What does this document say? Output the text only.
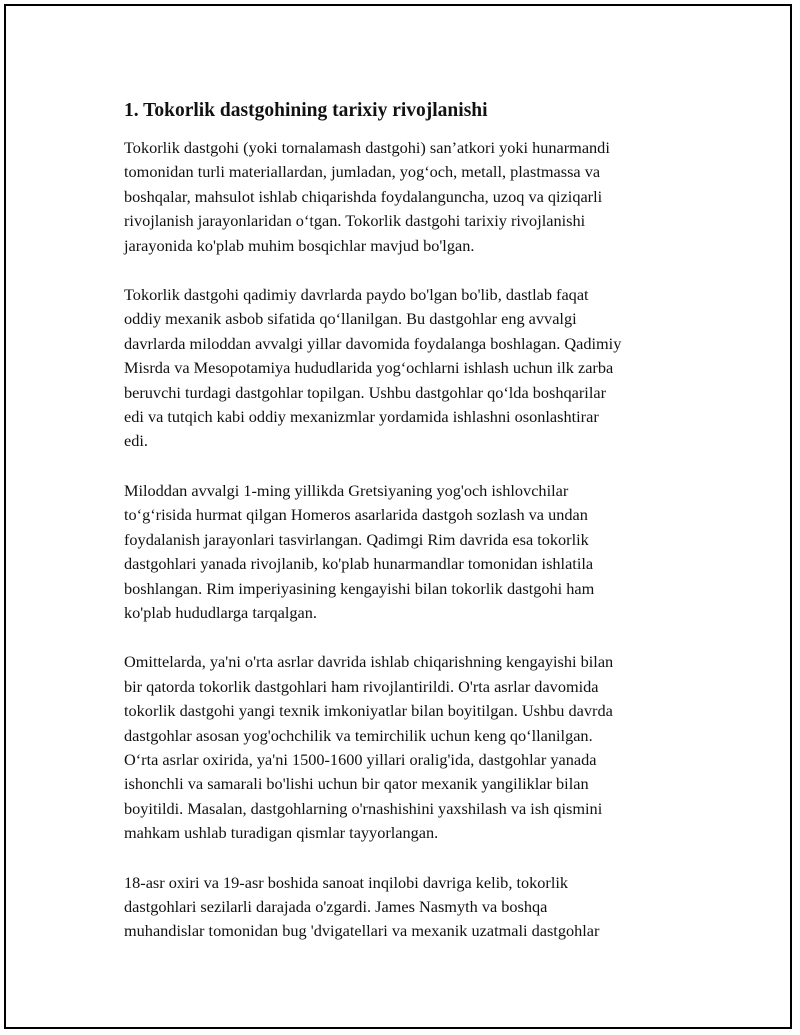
1. Tokorlik dastgohining tarixiy rivojlanishi
Tokorlik dastgohi (yoki tornalamash dastgohi) san’atkori yoki hunarmandi
tomonidan turli materiallardan, jumladan, yog‘och, metall, plastmassa va
boshqalar, mahsulot ishlab chiqarishda foydalanguncha, uzoq va qiziqarli
rivojlanish jarayonlaridan o‘tgan. Tokorlik dastgohi tarixiy rivojlanishi
jarayonida ko'plab muhim bosqichlar mavjud bo'lgan.
Tokorlik dastgohi qadimiy davrlarda paydo bo'lgan bo'lib, dastlab faqat
oddiy mexanik asbob sifatida qo‘llanilgan. Bu dastgohlar eng avvalgi
davrlarda miloddan avvalgi yillar davomida foydalanga boshlagan. Qadimiy
Misrda va Mesopotamiya hududlarida yog‘ochlarni ishlash uchun ilk zarba
beruvchi turdagi dastgohlar topilgan. Ushbu dastgohlar qo‘lda boshqarilar
edi va tutqich kabi oddiy mexanizmlar yordamida ishlashni osonlashtirar
edi.
Miloddan avvalgi 1-ming yillikda Gretsiyaning yog'och ishlovchilar
to‘g‘risida hurmat qilgan Homeros asarlarida dastgoh sozlash va undan
foydalanish jarayonlari tasvirlangan. Qadimgi Rim davrida esa tokorlik
dastgohlari yanada rivojlanib, ko'plab hunarmandlar tomonidan ishlatila
boshlangan. Rim imperiyasining kengayishi bilan tokorlik dastgohi ham
ko'plab hududlarga tarqalgan.
Omittelarda, ya'ni o'rta asrlar davrida ishlab chiqarishning kengayishi bilan
bir qatorda tokorlik dastgohlari ham rivojlantirildi. O'rta asrlar davomida
tokorlik dastgohi yangi texnik imkoniyatlar bilan boyitilgan. Ushbu davrda
dastgohlar asosan yog'ochchilik va temirchilik uchun keng qo‘llanilgan.
O‘rta asrlar oxirida, ya'ni 1500-1600 yillari oralig'ida, dastgohlar yanada
ishonchli va samarali bo'lishi uchun bir qator mexanik yangiliklar bilan
boyitildi. Masalan, dastgohlarning o'rnashishini yaxshilash va ish qismini
mahkam ushlab turadigan qismlar tayyorlangan.
18-asr oxiri va 19-asr boshida sanoat inqilobi davriga kelib, tokorlik
dastgohlari sezilarli darajada o'zgardi. James Nasmyth va boshqa
muhandislar tomonidan bug 'dvigatellari va mexanik uzatmali dastgohlar
